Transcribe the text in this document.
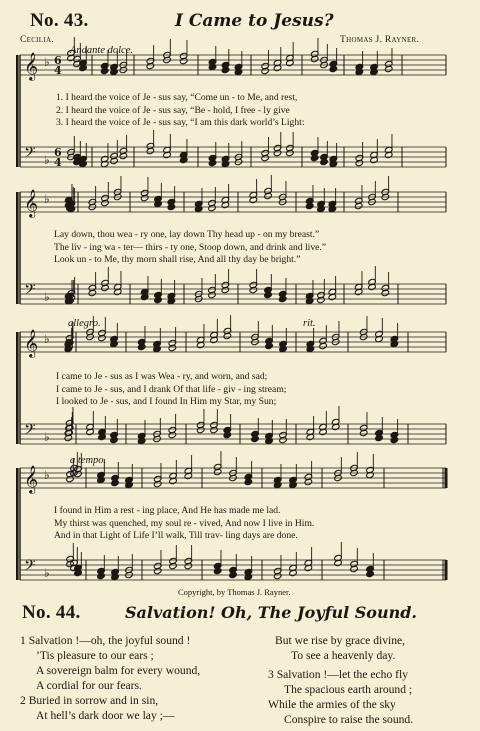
No. 43.	I Came to Jesus?
Cecilia.	Thomas J. Rayner.
Andante dolce.
𝄞 ♭ 6
4
𝄢 ♭
6
4
𝄞 ♭
𝄢 ♭
𝄞 ♭
𝄢 ♭
𝄞 ♭
𝄢 ♭
1. I heard the voice of Je - sus say, “Come un - to Me, and rest,
2. I heard the voice of Je - sus say, “Be - hold, I free - ly give
3. I heard the voice of Je - sus say, “I am this dark world’s Light:
Lay down, thou wea - ry one, lay down Thy head up - on my breast.”
The liv - ing wa - ter— thirs - ty one, Stoop down, and drink and live.”
Look un - to Me, thy morn shall rise, And all thy day be bright.”
allegro.	rit.
I came to Je - sus as I was Wea - ry, and worn, and sad;
I came to Je - sus, and I drank Of that life - giv - ing stream;
I looked to Je - sus, and I found In Him my Star, my Sun;
a tempo.
I found in Him a rest - ing place, And He has made me lad.
My thirst was quenched, my soul re - vived, And now I live in Him.
And in that Light of Life I’ll walk, Till trav- ling days are done.
Copyright, by Thomas J. Rayner.
No. 44.	Salvation! Oh, The Joyful Sound.
1 Salvation !—oh, the joyful sound !
’Tis pleasure to our ears ;
A sovereign balm for every wound,
A cordial for our fears.
2 Buried in sorrow and in sin,
At hell’s dark door we lay ;—
But we rise by grace divine,
To see a heavenly day.
3 Salvation !—let the echo fly
The spacious earth around ;
While the armies of the sky
Conspire to raise the sound.
